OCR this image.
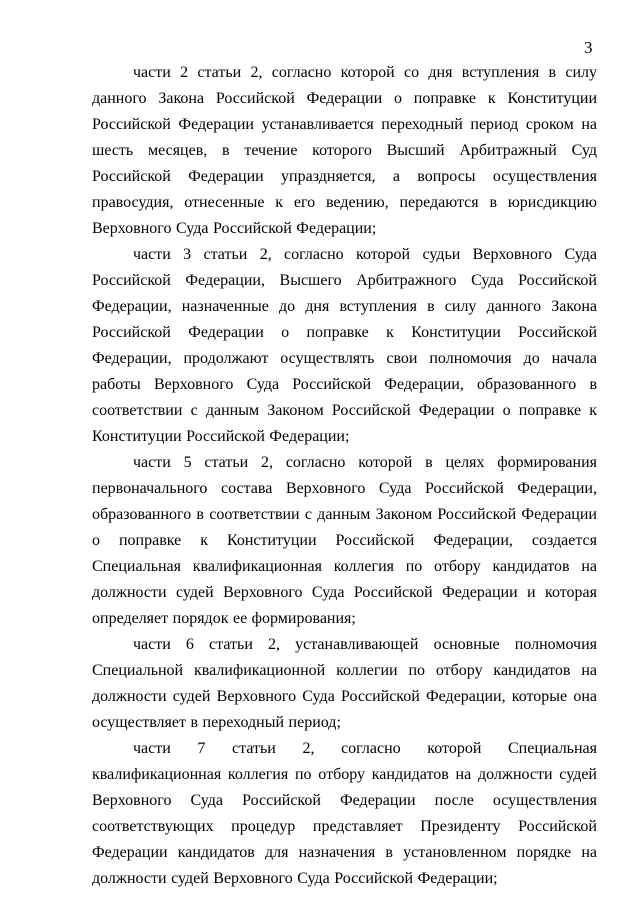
3

части 2 статьи 2, согласно которой со дня вступления в силу данного Закона Российской Федерации о поправке к Конституции Российской Федерации устанавливается переходный период сроком на шесть месяцев, в течение которого Высший Арбитражный Суд Российской Федерации упраздняется, а вопросы осуществления правосудия, отнесенные к его ведению, передаются в юрисдикцию Верховного Суда Российской Федерации;

части 3 статьи 2, согласно которой судьи Верховного Суда Российской Федерации, Высшего Арбитражного Суда Российской Федерации, назначенные до дня вступления в силу данного Закона Российской Федерации о поправке к Конституции Российской Федерации, продолжают осуществлять свои полномочия до начала работы Верховного Суда Российской Федерации, образованного в соответствии с данным Законом Российской Федерации о поправке к Конституции Российской Федерации;

части 5 статьи 2, согласно которой в целях формирования первоначального состава Верховного Суда Российской Федерации, образованного в соответствии с данным Законом Российской Федерации о поправке к Конституции Российской Федерации, создается Специальная квалификационная коллегия по отбору кандидатов на должности судей Верховного Суда Российской Федерации и которая определяет порядок ее формирования;

части 6 статьи 2, устанавливающей основные полномочия Специальной квалификационной коллегии по отбору кандидатов на должности судей Верховного Суда Российской Федерации, которые она осуществляет в переходный период;

части 7 статьи 2, согласно которой Специальная квалификационная коллегия по отбору кандидатов на должности судей Верховного Суда Российской Федерации после осуществления соответствующих процедур представляет Президенту Российской Федерации кандидатов для назначения в установленном порядке на должности судей Верховного Суда Российской Федерации;
